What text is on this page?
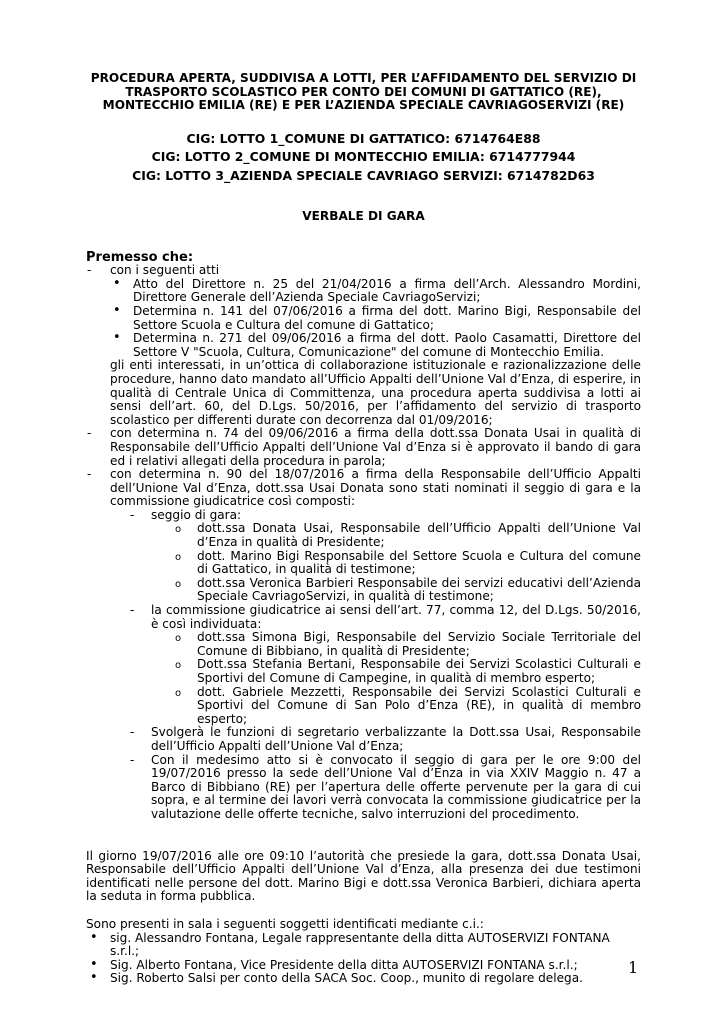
PROCEDURA APERTA, SUDDIVISA A LOTTI, PER L’AFFIDAMENTO DEL SERVIZIO DI TRASPORTO SCOLASTICO PER CONTO DEI COMUNI DI GATTATICO (RE), MONTECCHIO EMILIA (RE) E PER L’AZIENDA SPECIALE CAVRIAGOSERVIZI (RE)
CIG: LOTTO 1_COMUNE DI GATTATICO: 6714764E88
CIG: LOTTO 2_COMUNE DI MONTECCHIO EMILIA: 6714777944
CIG: LOTTO 3_AZIENDA SPECIALE CAVRIAGO SERVIZI: 6714782D63
VERBALE DI GARA
Premesso che:
- con i seguenti atti
• Atto del Direttore n. 25 del 21/04/2016 a firma dell’Arch. Alessandro Mordini, Direttore Generale dell’Azienda Speciale CavriagoServizi;
• Determina n. 141 del 07/06/2016 a firma del dott. Marino Bigi, Responsabile del Settore Scuola e Cultura del comune di Gattatico;
• Determina n. 271 del 09/06/2016 a firma del dott. Paolo Casamatti, Direttore del Settore V "Scuola, Cultura, Comunicazione" del comune di Montecchio Emilia.
gli enti interessati, in un’ottica di collaborazione istituzionale e razionalizzazione delle procedure, hanno dato mandato all’Ufficio Appalti dell’Unione Val d’Enza, di esperire, in qualità di Centrale Unica di Committenza, una procedura aperta suddivisa a lotti ai sensi dell’art. 60, del D.Lgs. 50/2016, per l’affidamento del servizio di trasporto scolastico per differenti durate con decorrenza dal 01/09/2016;
- con determina n. 74 del 09/06/2016 a firma della dott.ssa Donata Usai in qualità di Responsabile dell’Ufficio Appalti dell’Unione Val d’Enza si è approvato il bando di gara ed i relativi allegati della procedura in parola;
- con determina n. 90 del 18/07/2016 a firma della Responsabile dell’Ufficio Appalti dell’Unione Val d’Enza, dott.ssa Usai Donata sono stati nominati il seggio di gara e la commissione giudicatrice così composti:
- seggio di gara:
o dott.ssa Donata Usai, Responsabile dell’Ufficio Appalti dell’Unione Val d’Enza in qualità di Presidente;
o dott. Marino Bigi Responsabile del Settore Scuola e Cultura del comune di Gattatico, in qualità di testimone;
o dott.ssa Veronica Barbieri Responsabile dei servizi educativi dell’Azienda Speciale CavriagoServizi, in qualità di testimone;
- la commissione giudicatrice ai sensi dell’art. 77, comma 12, del D.Lgs. 50/2016, è così individuata:
o dott.ssa Simona Bigi, Responsabile del Servizio Sociale Territoriale del Comune di Bibbiano, in qualità di Presidente;
o Dott.ssa Stefania Bertani, Responsabile dei Servizi Scolastici Culturali e Sportivi del Comune di Campegine, in qualità di membro esperto;
o dott. Gabriele Mezzetti, Responsabile dei Servizi Scolastici Culturali e Sportivi del Comune di San Polo d’Enza (RE), in qualità di membro esperto;
- Svolgerà le funzioni di segretario verbalizzante la Dott.ssa Usai, Responsabile dell’Ufficio Appalti dell’Unione Val d’Enza;
- Con il medesimo atto si è convocato il seggio di gara per le ore 9:00 del 19/07/2016 presso la sede dell’Unione Val d’Enza in via XXIV Maggio n. 47 a Barco di Bibbiano (RE) per l’apertura delle offerte pervenute per la gara di cui sopra, e al termine dei lavori verrà convocata la commissione giudicatrice per la valutazione delle offerte tecniche, salvo interruzioni del procedimento.
Il giorno 19/07/2016 alle ore 09:10 l’autorità che presiede la gara, dott.ssa Donata Usai, Responsabile dell’Ufficio Appalti dell’Unione Val d’Enza, alla presenza dei due testimoni identificati nelle persone del dott. Marino Bigi e dott.ssa Veronica Barbieri, dichiara aperta la seduta in forma pubblica.
Sono presenti in sala i seguenti soggetti identificati mediante c.i.:
• sig. Alessandro Fontana, Legale rappresentante della ditta AUTOSERVIZI FONTANA s.r.l.;
• Sig. Alberto Fontana, Vice Presidente della ditta AUTOSERVIZI FONTANA s.r.l.;
• Sig. Roberto Salsi per conto della SACA Soc. Coop., munito di regolare delega.
1
